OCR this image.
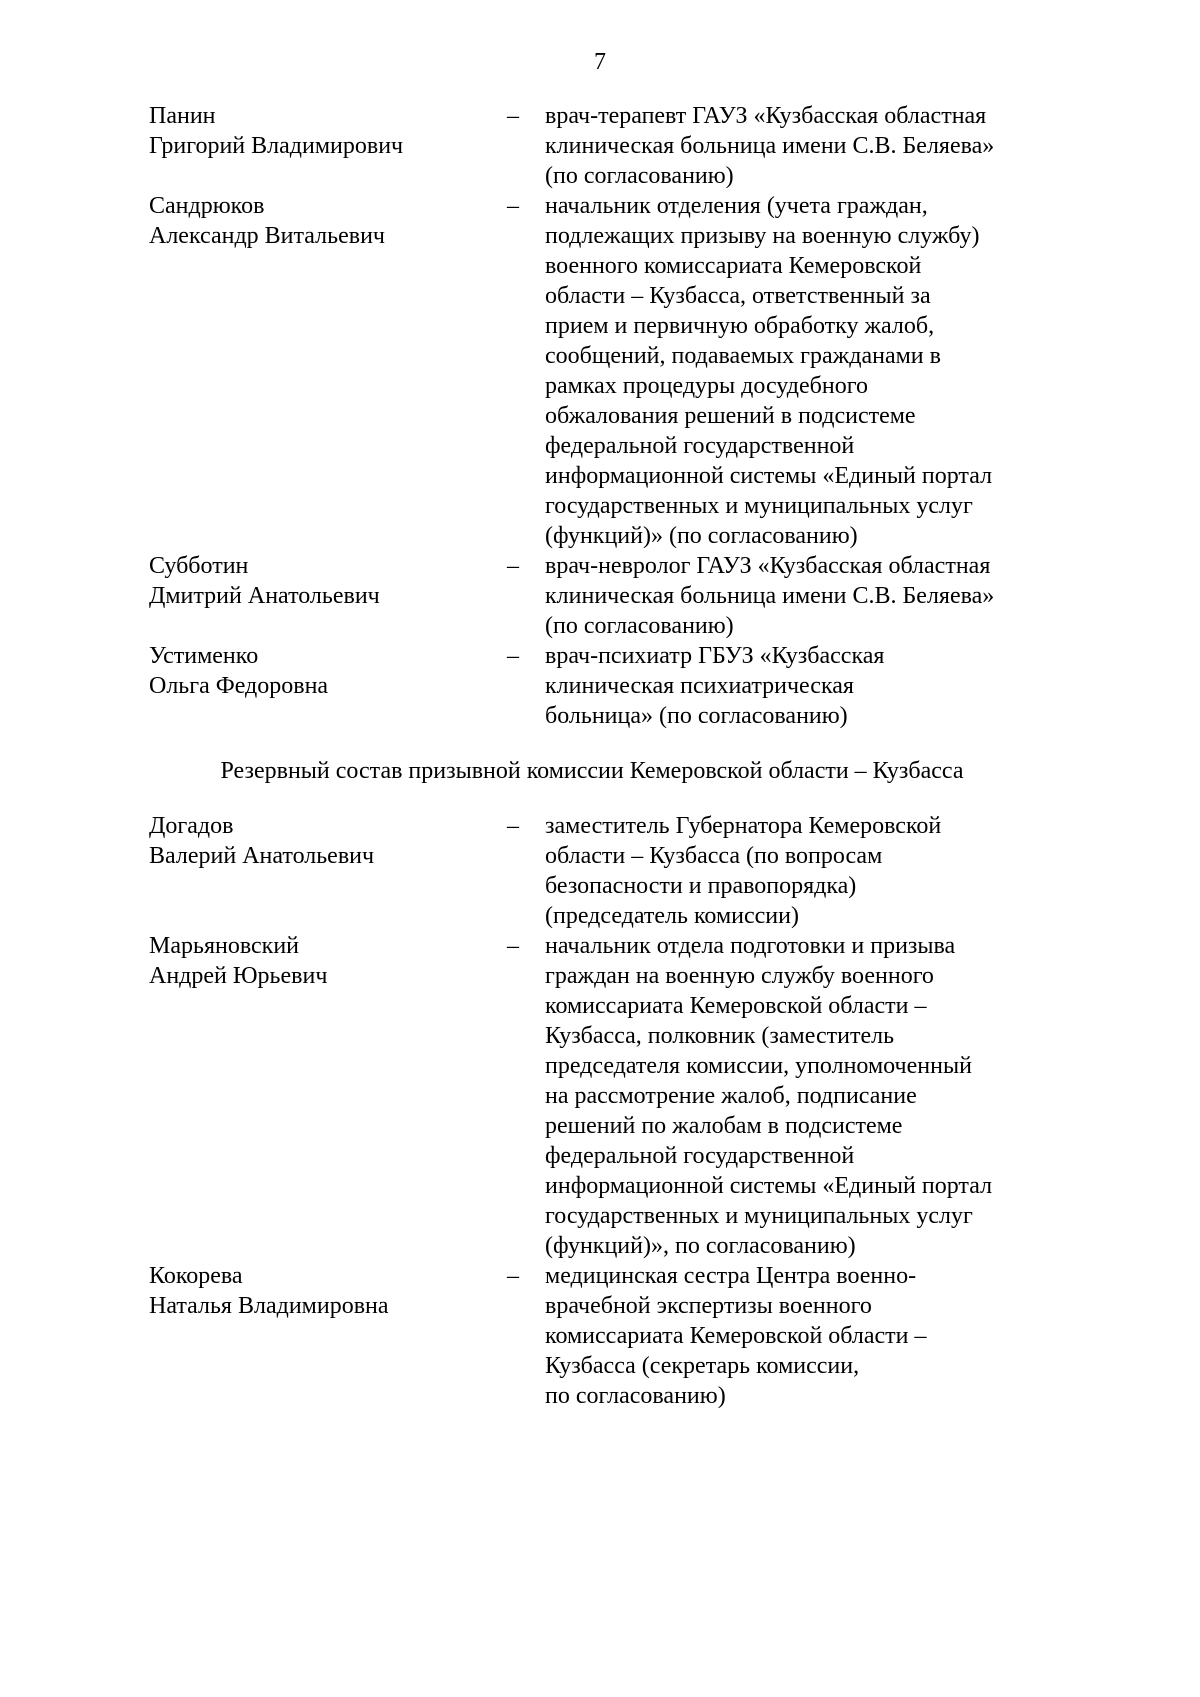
7
Панин
Григорий Владимирович
– врач-терапевт ГАУЗ «Кузбасская областная
клиническая больница имени С.В. Беляева»
(по согласованию)
Сандрюков
Александр Витальевич
– начальник отделения (учета граждан,
подлежащих призыву на военную службу)
военного комиссариата Кемеровской
области – Кузбасса, ответственный за
прием и первичную обработку жалоб,
сообщений, подаваемых гражданами в
рамках процедуры досудебного
обжалования решений в подсистеме
федеральной государственной
информационной системы «Единый портал
государственных и муниципальных услуг
(функций)» (по согласованию)
Субботин
Дмитрий Анатольевич
– врач-невролог ГАУЗ «Кузбасская областная
клиническая больница имени С.В. Беляева»
(по согласованию)
Устименко
Ольга Федоровна
– врач-психиатр ГБУЗ «Кузбасская
клиническая психиатрическая
больница» (по согласованию)
Резервный состав призывной комиссии Кемеровской области – Кузбасса
Догадов
Валерий Анатольевич
– заместитель Губернатора Кемеровской
области – Кузбасса (по вопросам
безопасности и правопорядка)
(председатель комиссии)
Марьяновский
Андрей Юрьевич
– начальник отдела подготовки и призыва
граждан на военную службу военного
комиссариата Кемеровской области –
Кузбасса, полковник (заместитель
председателя комиссии, уполномоченный
на рассмотрение жалоб, подписание
решений по жалобам в подсистеме
федеральной государственной
информационной системы «Единый портал
государственных и муниципальных услуг
(функций)», по согласованию)
Кокорева
Наталья Владимировна
– медицинская сестра Центра военно-
врачебной экспертизы военного
комиссариата Кемеровской области –
Кузбасса (секретарь комиссии,
по согласованию)
